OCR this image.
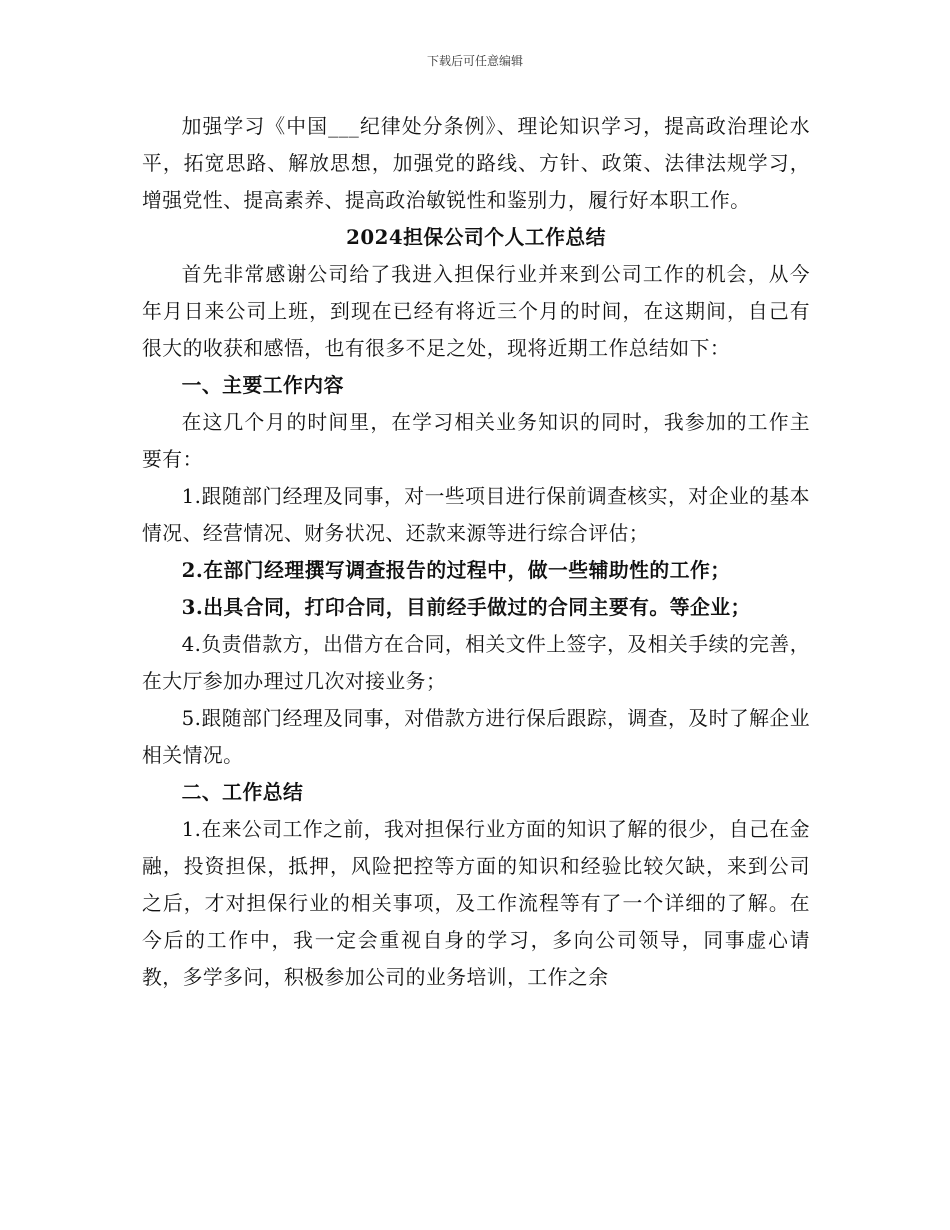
下载后可任意编辑

加强学习《中国___纪律处分条例》、理论知识学习，提高政治理论水平，拓宽思路、解放思想，加强党的路线、方针、政策、法律法规学习，增强党性、提高素养、提高政治敏锐性和鉴别力，履行好本职工作。

2024担保公司个人工作总结

首先非常感谢公司给了我进入担保行业并来到公司工作的机会，从今年月日来公司上班，到现在已经有将近三个月的时间，在这期间，自己有很大的收获和感悟，也有很多不足之处，现将近期工作总结如下：

一、主要工作内容

在这几个月的时间里，在学习相关业务知识的同时，我参加的工作主要有：

1.跟随部门经理及同事，对一些项目进行保前调查核实，对企业的基本情况、经营情况、财务状况、还款来源等进行综合评估；

2.在部门经理撰写调查报告的过程中，做一些辅助性的工作；

3.出具合同，打印合同，目前经手做过的合同主要有。等企业；

4.负责借款方，出借方在合同，相关文件上签字，及相关手续的完善，在大厅参加办理过几次对接业务；

5.跟随部门经理及同事，对借款方进行保后跟踪，调查，及时了解企业相关情况。

二、工作总结

1.在来公司工作之前，我对担保行业方面的知识了解的很少，自己在金融，投资担保，抵押，风险把控等方面的知识和经验比较欠缺，来到公司之后，才对担保行业的相关事项，及工作流程等有了一个详细的了解。在今后的工作中，我一定会重视自身的学习，多向公司领导，同事虚心请教，多学多问，积极参加公司的业务培训，工作之余
